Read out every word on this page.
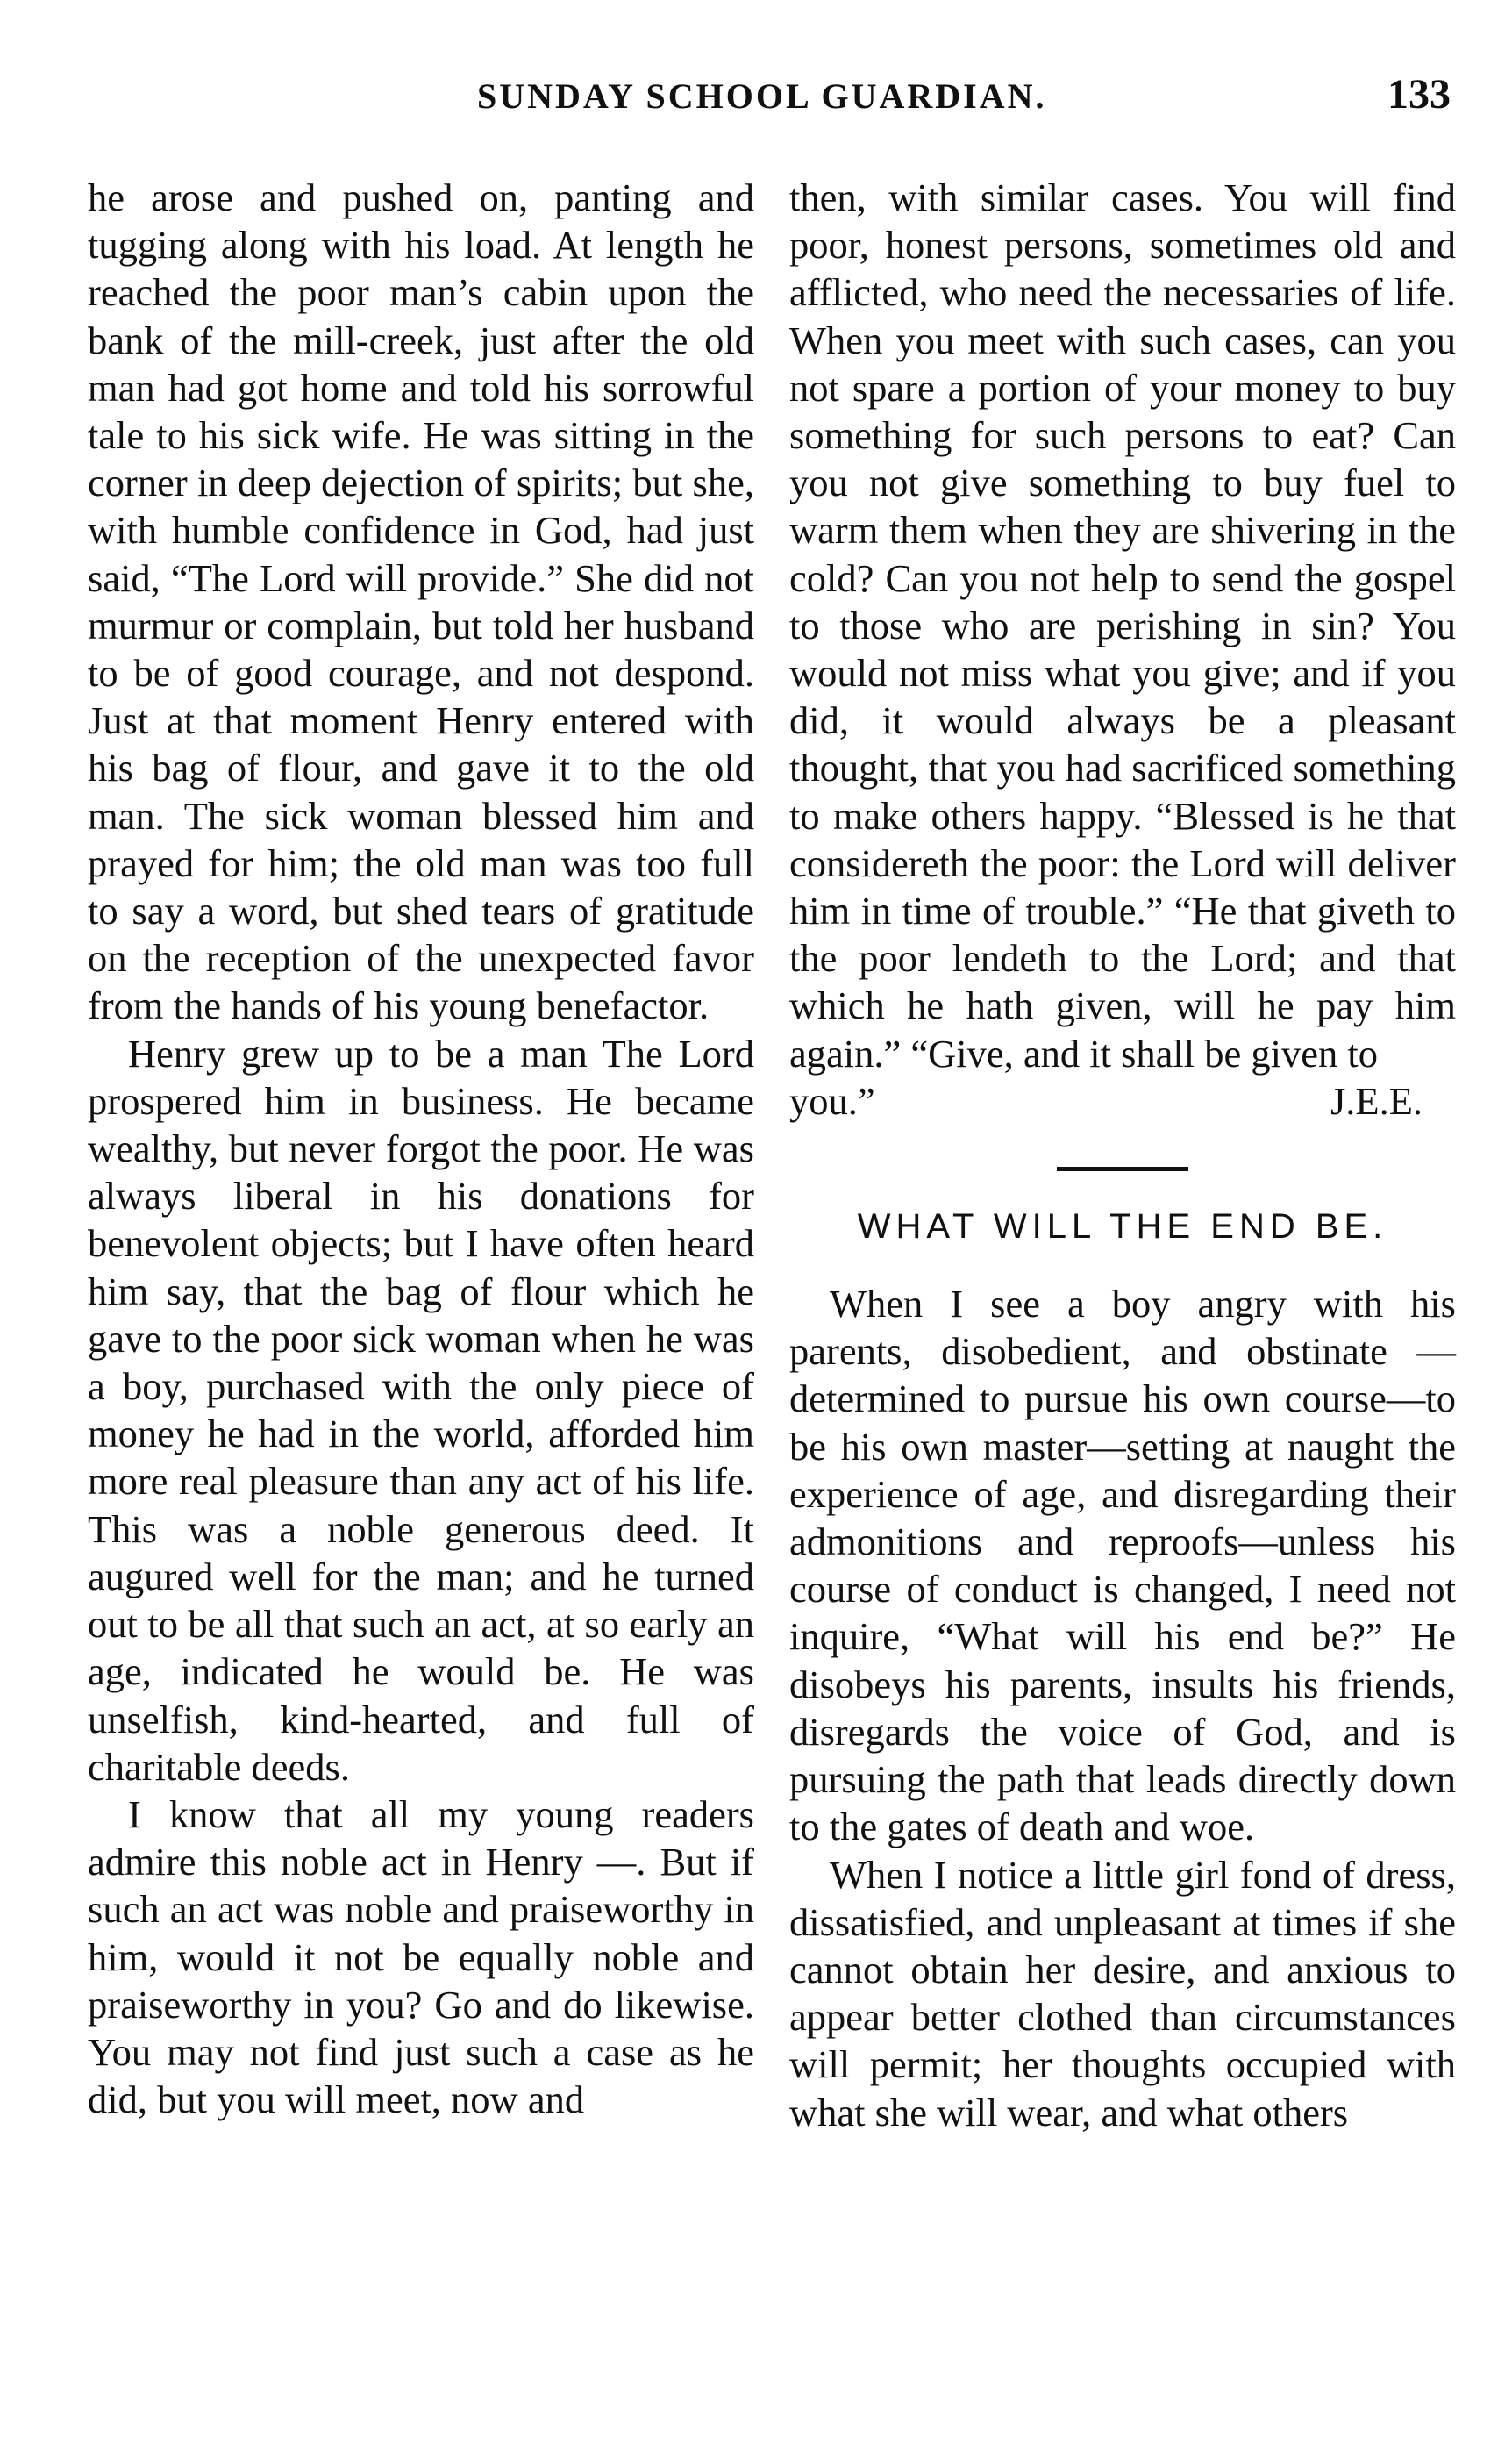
SUNDAY SCHOOL GUARDIAN.	133

he arose and pushed on, panting and tugging along with his load. At length he reached the poor man’s cabin upon the bank of the mill-creek, just after the old man had got home and told his sorrowful tale to his sick wife. He was sitting in the corner in deep dejection of spirits; but she, with humble confidence in God, had just said, “The Lord will provide.” She did not murmur or complain, but told her husband to be of good courage, and not despond. Just at that moment Henry entered with his bag of flour, and gave it to the old man. The sick woman blessed him and prayed for him; the old man was too full to say a word, but shed tears of gratitude on the reception of the unexpected favor from the hands of his young benefactor.

Henry grew up to be a man The Lord prospered him in business. He became wealthy, but never forgot the poor. He was always liberal in his donations for benevolent objects; but I have often heard him say, that the bag of flour which he gave to the poor sick woman when he was a boy, purchased with the only piece of money he had in the world, afforded him more real pleasure than any act of his life. This was a noble generous deed. It augured well for the man; and he turned out to be all that such an act, at so early an age, indicated he would be. He was unselfish, kind-hearted, and full of charitable deeds.

I know that all my young readers admire this noble act in Henry —. But if such an act was noble and praiseworthy in him, would it not be equally noble and praiseworthy in you? Go and do likewise. You may not find just such a case as he did, but you will meet, now and

then, with similar cases. You will find poor, honest persons, sometimes old and afflicted, who need the necessaries of life. When you meet with such cases, can you not spare a portion of your money to buy something for such persons to eat? Can you not give something to buy fuel to warm them when they are shivering in the cold? Can you not help to send the gospel to those who are perishing in sin? You would not miss what you give; and if you did, it would always be a pleasant thought, that you had sacrificed something to make others happy. “Blessed is he that considereth the poor: the Lord will deliver him in time of trouble.” “He that giveth to the poor lendeth to the Lord; and that which he hath given, will he pay him again.” “Give, and it shall be given to

you.”	J.E.E.
WHAT WILL THE END BE.

When I see a boy angry with his parents, disobedient, and obstinate —determined to pursue his own course—to be his own master—setting at naught the experience of age, and disregarding their admonitions and reproofs—unless his course of conduct is changed, I need not inquire, “What will his end be?” He disobeys his parents, insults his friends, disregards the voice of God, and is pursuing the path that leads directly down to the gates of death and woe.

When I notice a little girl fond of dress, dissatisfied, and unpleasant at times if she cannot obtain her desire, and anxious to appear better clothed than circumstances will permit; her thoughts occupied with what she will wear, and what others
